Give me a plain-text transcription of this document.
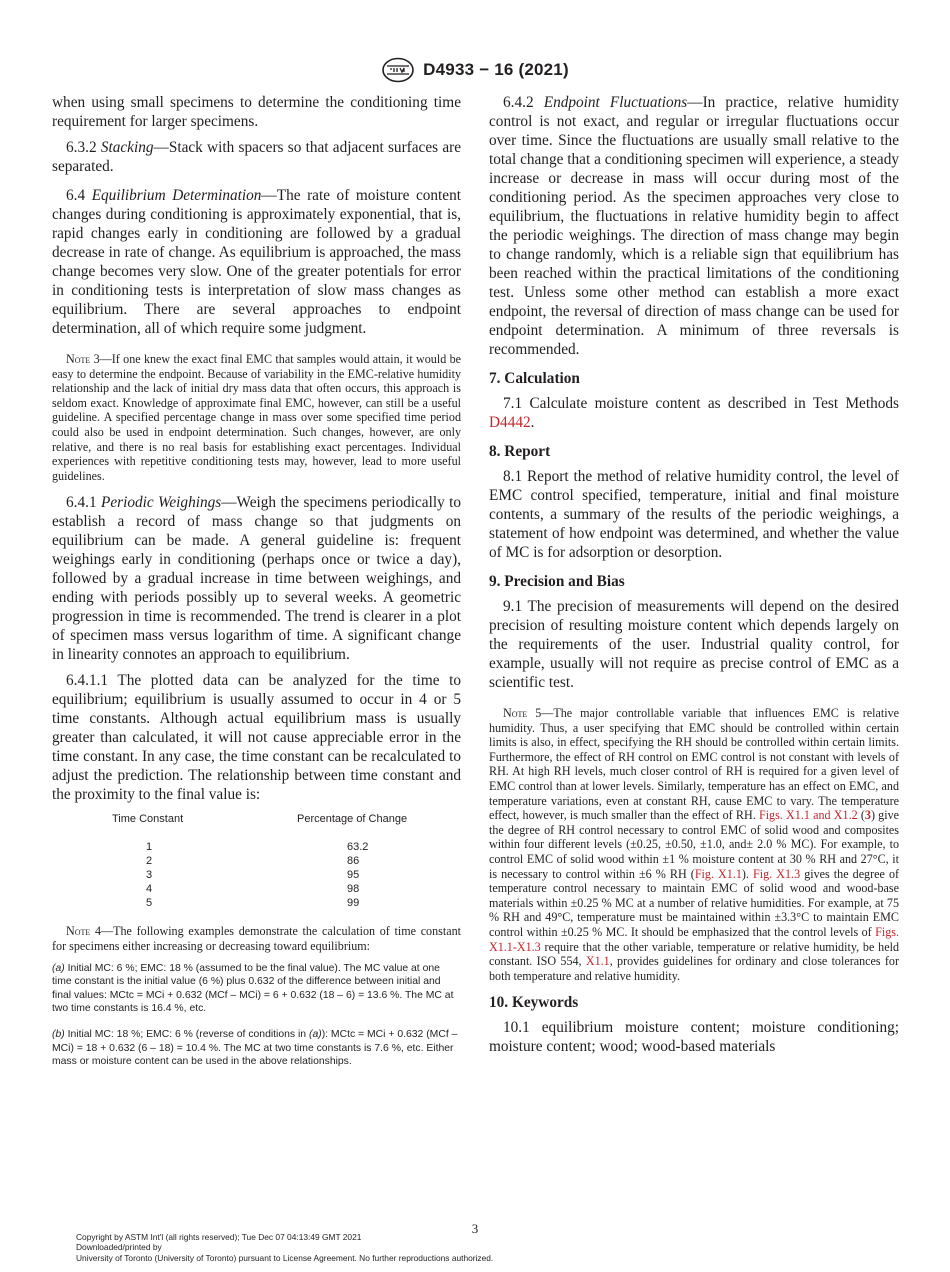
D4933 − 16 (2021)

when using small specimens to determine the conditioning time requirement for larger specimens.

6.3.2 Stacking—Stack with spacers so that adjacent surfaces are separated.

6.4 Equilibrium Determination—The rate of moisture content changes during conditioning is approximately exponential, that is, rapid changes early in conditioning are followed by a gradual decrease in rate of change. As equilibrium is approached, the mass change becomes very slow. One of the greater potentials for error in conditioning tests is interpretation of slow mass changes as equilibrium. There are several approaches to endpoint determination, all of which require some judgment.

Note 3—If one knew the exact final EMC that samples would attain, it would be easy to determine the endpoint. Because of variability in the EMC-relative humidity relationship and the lack of initial dry mass data that often occurs, this approach is seldom exact. Knowledge of approximate final EMC, however, can still be a useful guideline. A specified percentage change in mass over some specified time period could also be used in endpoint determination. Such changes, however, are only relative, and there is no real basis for establishing exact percentages. Individual experiences with repetitive conditioning tests may, however, lead to more useful guidelines.

6.4.1 Periodic Weighings—Weigh the specimens periodically to establish a record of mass change so that judgments on equilibrium can be made. A general guideline is: frequent weighings early in conditioning (perhaps once or twice a day), followed by a gradual increase in time between weighings, and ending with periods possibly up to several weeks. A geometric progression in time is recommended. The trend is clearer in a plot of specimen mass versus logarithm of time. A significant change in linearity connotes an approach to equilibrium.

6.4.1.1 The plotted data can be analyzed for the time to equilibrium; equilibrium is usually assumed to occur in 4 or 5 time constants. Although actual equilibrium mass is usually greater than calculated, it will not cause appreciable error in the time constant. In any case, the time constant can be recalculated to adjust the prediction. The relationship between time constant and the proximity to the final value is:

Time Constant	Percentage of Change
1	63.2
2	86
3	95
4	98
5	99
Note 4—The following examples demonstrate the calculation of time constant for specimens either increasing or decreasing toward equilibrium:
(a) Initial MC: 6 %; EMC: 18 % (assumed to be the final value). The MC value at one time constant is the initial value (6 %) plus 0.632 of the difference between initial and final values: MCtc = MCi + 0.632 (MCf – MCi) = 6 + 0.632 (18 – 6) = 13.6 %. The MC at two time constants is 16.4 %, etc.
(b) Initial MC: 18 %; EMC: 6 % (reverse of conditions in (a)): MCtc = MCi + 0.632 (MCf – MCi) = 18 + 0.632 (6 – 18) = 10.4 %. The MC at two time constants is 7.6 %, etc. Either mass or moisture content can be used in the above relationships.

6.4.2 Endpoint Fluctuations—In practice, relative humidity control is not exact, and regular or irregular fluctuations occur over time. Since the fluctuations are usually small relative to the total change that a conditioning specimen will experience, a steady increase or decrease in mass will occur during most of the conditioning period. As the specimen approaches very close to equilibrium, the fluctuations in relative humidity begin to affect the periodic weighings. The direction of mass change may begin to change randomly, which is a reliable sign that equilibrium has been reached within the practical limitations of the conditioning test. Unless some other method can establish a more exact endpoint, the reversal of direction of mass change can be used for endpoint determination. A minimum of three reversals is recommended.

7. Calculation

7.1 Calculate moisture content as described in Test Methods D4442.

8. Report

8.1 Report the method of relative humidity control, the level of EMC control specified, temperature, initial and final moisture contents, a summary of the results of the periodic weighings, a statement of how endpoint was determined, and whether the value of MC is for adsorption or desorption.

9. Precision and Bias

9.1 The precision of measurements will depend on the desired precision of resulting moisture content which depends largely on the requirements of the user. Industrial quality control, for example, usually will not require as precise control of EMC as a scientific test.

Note 5—The major controllable variable that influences EMC is relative humidity. Thus, a user specifying that EMC should be controlled within certain limits is also, in effect, specifying the RH should be controlled within certain limits. Furthermore, the effect of RH control on EMC control is not constant with levels of RH. At high RH levels, much closer control of RH is required for a given level of EMC control than at lower levels. Similarly, temperature has an effect on EMC, and temperature variations, even at constant RH, cause EMC to vary. The temperature effect, however, is much smaller than the effect of RH. Figs. X1.1 and X1.2 (3) give the degree of RH control necessary to control EMC of solid wood and composites within four different levels (±0.25, ±0.50, ±1.0, and± 2.0 % MC). For example, to control EMC of solid wood within ±1 % moisture content at 30 % RH and 27°C, it is necessary to control within ±6 % RH (Fig. X1.1). Fig. X1.3 gives the degree of temperature control necessary to maintain EMC of solid wood and wood-base materials within ±0.25 % MC at a number of relative humidities. For example, at 75 % RH and 49°C, temperature must be maintained within ±3.3°C to maintain EMC control within ±0.25 % MC. It should be emphasized that the control levels of Figs. X1.1-X1.3 require that the other variable, temperature or relative humidity, be held constant. ISO 554, X1.1, provides guidelines for ordinary and close tolerances for both temperature and relative humidity.
10. Keywords

10.1 equilibrium moisture content; moisture conditioning; moisture content; wood; wood-based materials

3
Copyright by ASTM Int'l (all rights reserved); Tue Dec 07 04:13:49 GMT 2021
Downloaded/printed by
University of Toronto (University of Toronto) pursuant to License Agreement. No further reproductions authorized.
